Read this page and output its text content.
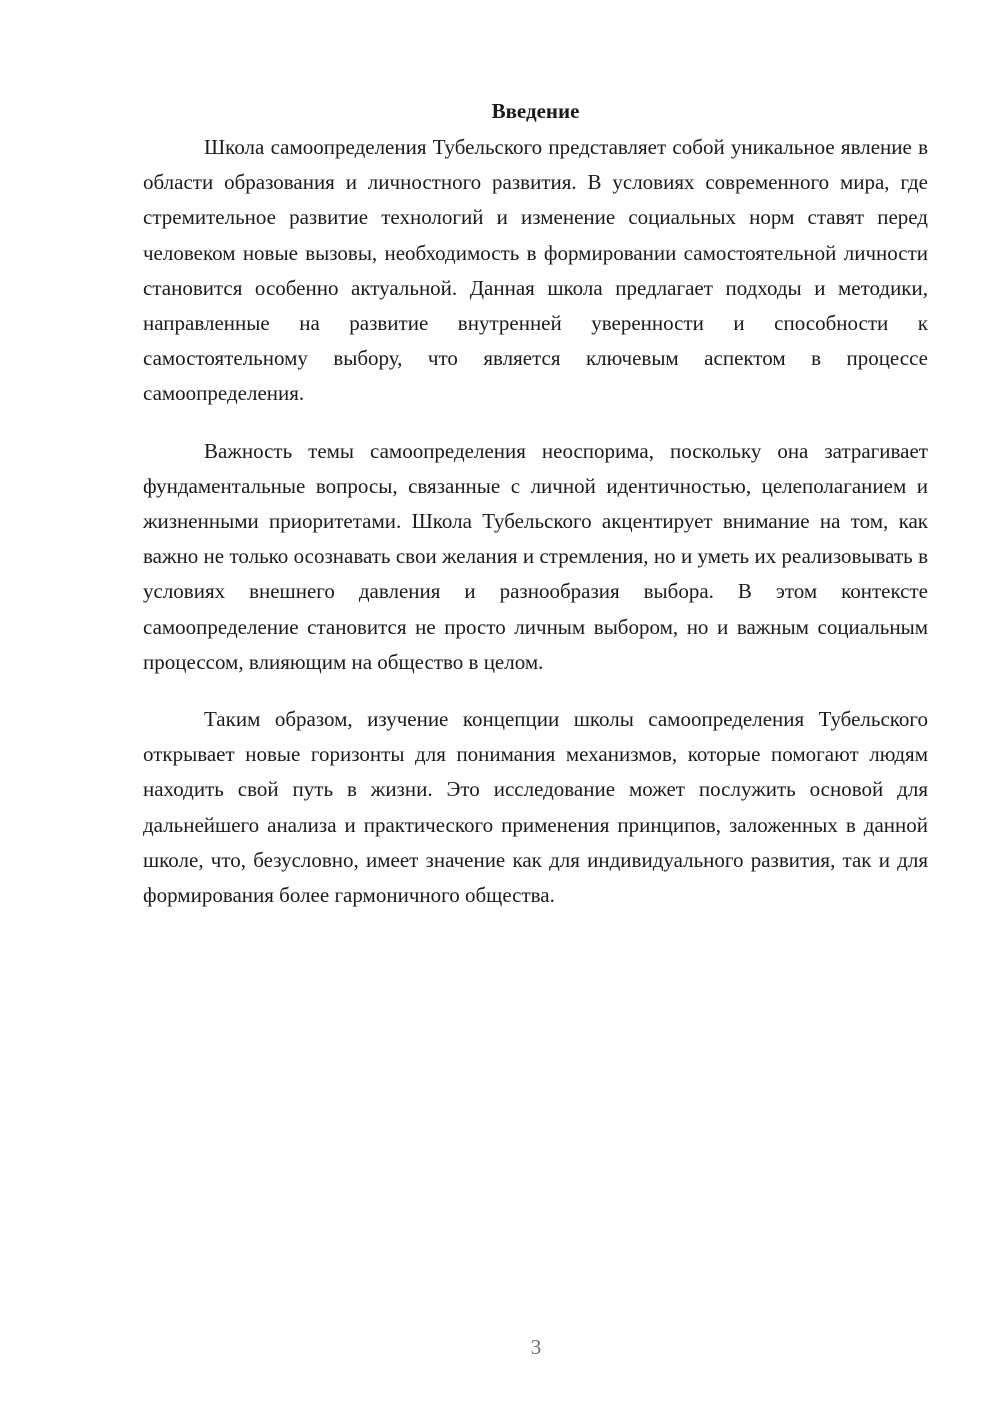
Введение

Школа самоопределения Тубельского представляет собой уникальное явление в области образования и личностного развития. В условиях современного мира, где стремительное развитие технологий и изменение социальных норм ставят перед человеком новые вызовы, необходимость в формировании самостоятельной личности становится особенно актуальной. Данная школа предлагает подходы и методики, направленные на развитие внутренней уверенности и способности к самостоятельному выбору, что является ключевым аспектом в процессе самоопределения.

Важность темы самоопределения неоспорима, поскольку она затрагивает фундаментальные вопросы, связанные с личной идентичностью, целеполаганием и жизненными приоритетами. Школа Тубельского акцентирует внимание на том, как важно не только осознавать свои желания и стремления, но и уметь их реализовывать в условиях внешнего давления и разнообразия выбора. В этом контексте самоопределение становится не просто личным выбором, но и важным социальным процессом, влияющим на общество в целом.

Таким образом, изучение концепции школы самоопределения Тубельского открывает новые горизонты для понимания механизмов, которые помогают людям находить свой путь в жизни. Это исследование может послужить основой для дальнейшего анализа и практического применения принципов, заложенных в данной школе, что, безусловно, имеет значение как для индивидуального развития, так и для формирования более гармоничного общества.

3
